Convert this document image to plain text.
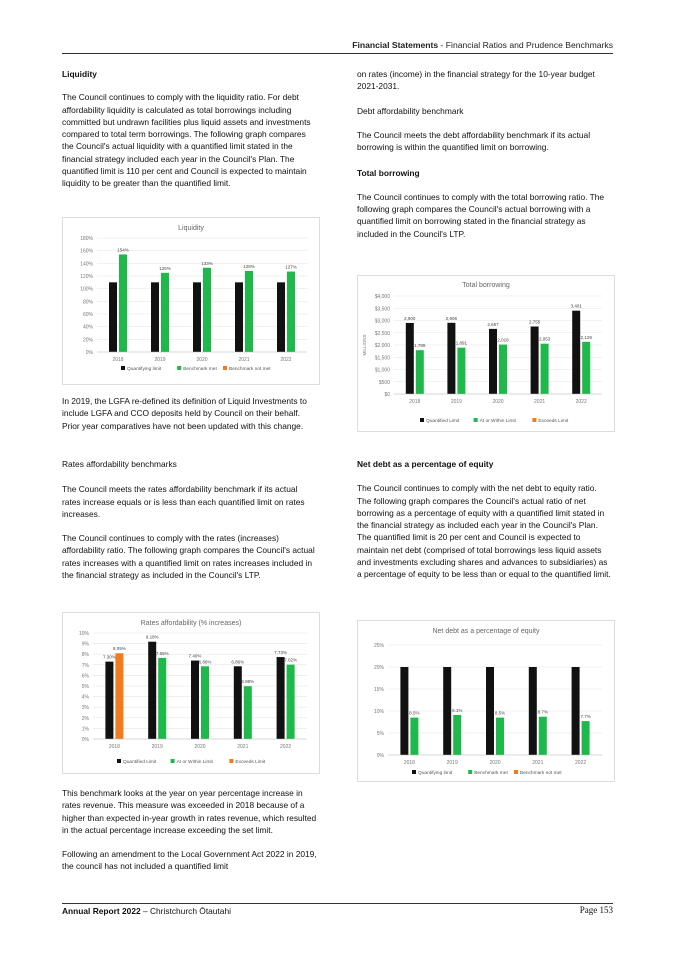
Financial Statements - Financial Ratios and Prudence Benchmarks

Liquidity

The Council continues to comply with the liquidity ratio. For debt affordability liquidity is calculated as total borrowings including committed but undrawn facilities plus liquid assets and investments compared to total term borrowings. The following graph compares the Council's actual liquidity with a quantified limit stated in the financial strategy included each year in the Council's Plan. The quantified limit is 110 per cent and Council is expected to maintain liquidity to be greater than the quantified limit.

Liquidity
0%
20%
40%
60%
80%
100%
120%
140%
160%
180%
2018
154%
2019
125%
2020
133%
2021
128%
2022
127%
Quantifying limit	Benchmark met	Benchmark not met

In 2019, the LGFA re-defined its definition of Liquid Investments to include LGFA and CCO deposits held by Council on their behalf. Prior year comparatives have not been updated with this change.

Rates affordability benchmarks

The Council meets the rates affordability benchmark if its actual rates increase equals or is less than each quantified limit on rates increases.

The Council continues to comply with the rates (increases) affordability ratio. The following graph compares the Council's actual rates increases with a quantified limit on rates increases included in the financial strategy as included in the Council's LTP.

Rates affordability (% increases)
0%
1%
2%
3%
4%
5%
6%
7%
8%
9%
10%
2018
7.30%
8.09%
2019
9.18%
7.65%
2020
7.40%
6.86%
2021
6.86%
4.98%
2022
7.73%
7.02%
Quantified Limit	At or Within Limit	Exceeds Limit

This benchmark looks at the year on year percentage increase in rates revenue. This measure was exceeded in 2018 because of a higher than expected in-year growth in rates revenue, which resulted in the actual percentage increase exceeding the set limit.

Following an amendment to the Local Government Act 2022 in 2019, the council has not included a quantified limit

on rates (income) in the financial strategy for the 10-year budget 2021-2031.

Debt affordability benchmark

The Council meets the debt affordability benchmark if its actual borrowing is within the quantified limit on borrowing.

Total borrowing

The Council continues to comply with the total borrowing ratio. The following graph compares the Council's actual borrowing with a quantified limit on borrowing stated in the financial strategy as included in the Council's LTP.

Total borrowing
MILLIONS
$0
$500
$1,000
$1,500
$2,000
$2,500
$3,000
$3,500
$4,000
2018
2,900
1,789
2019
2,906
1,891
2020
2,657
2,018
2021
2,755
2,053
2022
3,401
2,129
Quantified Limit	At or Within Limit	Exceeds Limit

Net debt as a percentage of equity

The Council continues to comply with the net debt to equity ratio. The following graph compares the Council's actual ratio of net borrowing as a percentage of equity with a quantified limit stated in the financial strategy as included each year in the Council's Plan. The quantified limit is 20 per cent and Council is expected to maintain net debt (comprised of total borrowings less liquid assets and investments excluding shares and advances to subsidiaries) as a percentage of equity to be less than or equal to the quantified limit.

Net debt as a percentage of equity
0%
5%
10%
15%
20%
25%
2018
8.5%
2019
9.1%
2020
8.5%
2021
8.7%
2022
7.7%
Quantifying limit	Benchmark met	Benchmark not met
Annual Report 2022 – Christchurch Ōtautahi	Page 153
